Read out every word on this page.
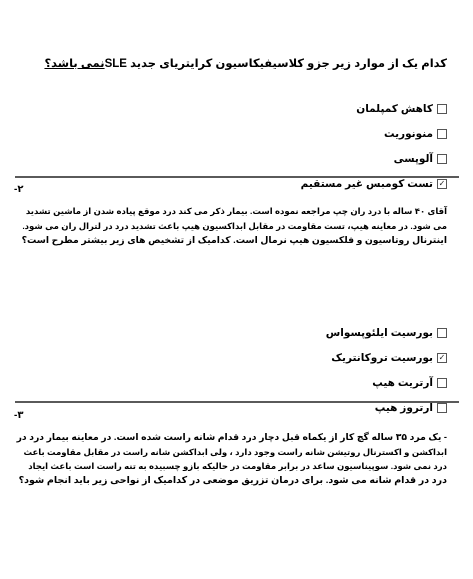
کدام یک از موارد زیر جزو کلاسیفیکاسیون کرایتریای جدید SLEنمی باشد؟
کاهش کمپلمان
منونوریت
آلوپسی
✓
تست کومبس غیر مستقیم
-۲
آقای ۴۰ ساله با درد ران چپ مراجعه نموده است. بیمار ذکر می کند درد موقع پیاده شدن از ماشین تشدید
می شود. در معاینه هیپ، تست مقاومت در مقابل ابداکسیون هیپ باعث تشدید درد در لترال ران می شود.
اینترنال روتاسیون و فلکسیون هیپ نرمال است. کدامیک از تشخیص های زیر بیشتر مطرح است؟
بورسیت ایلئوپسواس
✓
بورسیت تروکانتریک
آرتریت هیپ
آرتروز هیپ
-۳
- یک مرد ۳۵ ساله گچ کار از یکماه قبل دچار درد قدام شانه راست شده است. در معاینه بیمار درد در
ابداکشن و اکسترنال روتیشن شانه راست وجود دارد ، ولی ابداکشن شانه راست در مقابل مقاومت باعث
درد نمی شود. سوپیناسیون ساعد در برابر مقاومت در حالیکه بازو چسبیده به تنه راست است باعث ایجاد
درد در قدام شانه می شود. برای درمان تزریق موضعی در کدامیک از نواحی زیر باید انجام شود؟
